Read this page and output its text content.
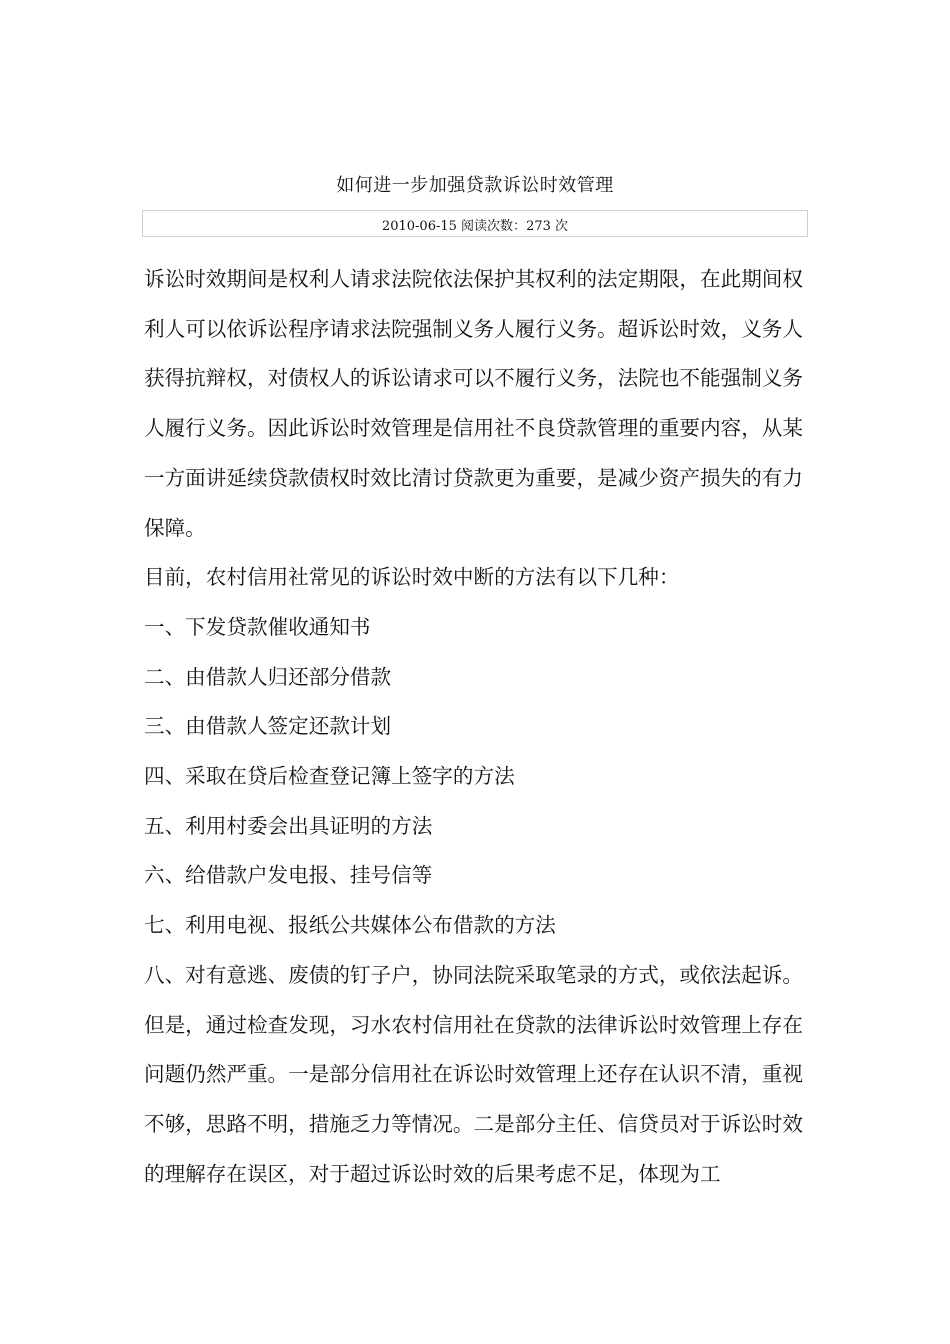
如何进一步加强贷款诉讼时效管理
2010-06-15 阅读次数：273 次

诉讼时效期间是权利人请求法院依法保护其权利的法定期限，在此期间权利人可以依诉讼程序请求法院强制义务人履行义务。超诉讼时效，义务人获得抗辩权，对债权人的诉讼请求可以不履行义务，法院也不能强制义务人履行义务。因此诉讼时效管理是信用社不良贷款管理的重要内容，从某一方面讲延续贷款债权时效比清讨贷款更为重要，是减少资产损失的有力保障。

目前，农村信用社常见的诉讼时效中断的方法有以下几种：

一、下发贷款催收通知书

二、由借款人归还部分借款

三、由借款人签定还款计划

四、采取在贷后检查登记簿上签字的方法

五、利用村委会出具证明的方法

六、给借款户发电报、挂号信等

七、利用电视、报纸公共媒体公布借款的方法

八、对有意逃、废债的钉子户，协同法院采取笔录的方式，或依法起诉。

但是，通过检查发现，习水农村信用社在贷款的法律诉讼时效管理上存在问题仍然严重。一是部分信用社在诉讼时效管理上还存在认识不清，重视不够，思路不明，措施乏力等情况。二是部分主任、信贷员对于诉讼时效的理解存在误区，对于超过诉讼时效的后果考虑不足，体现为工
